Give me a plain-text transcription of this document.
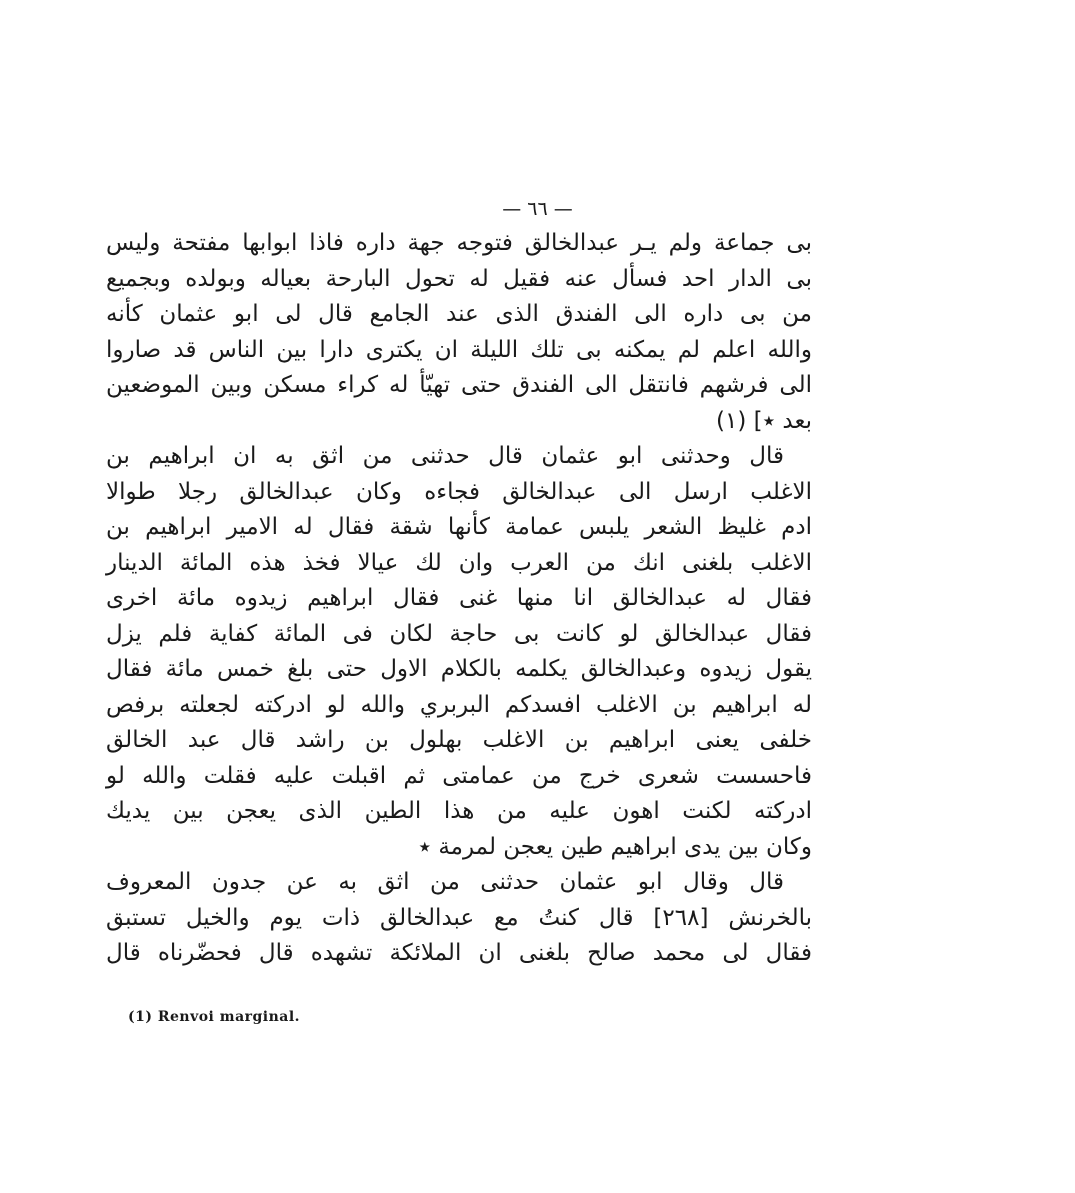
— ٦٦ —
بى جماعة ولم يـر عبدالخالق فتوجه جهة داره فاذا ابوابها مفتحة وليس
بى الدار احد فسأل عنه فقيل له تحول البارحة بعياله وبولده وبجميع
من بى داره الى الفندق الذى عند الجامع قال لى ابو عثمان كأنه
والله اعلم لم يمكنه بى تلك الليلة ان يكترى دارا بين الناس قد صاروا
الى فرشهم فانتقل الى الفندق حتى تهيّأ له كراء مسكن وبين الموضعين
بعد ٭] (١)
قال وحدثنى ابو عثمان قال حدثنى من اثق به ان ابراهيم بن
الاغلب ارسل الى عبدالخالق فجاءه وكان عبدالخالق رجلا طوالا
ادم غليظ الشعر يلبس عمامة كأنها شقة فقال له الامير ابراهيم بن
الاغلب بلغنى انك من العرب وان لك عيالا فخذ هذه المائة الدينار
فقال له عبدالخالق انا منها غنى فقال ابراهيم زيدوه مائة اخرى
فقال عبدالخالق لو كانت بى حاجة لكان فى المائة كفاية فلم يزل
يقول زيدوه وعبدالخالق يكلمه بالكلام الاول حتى بلغ خمس مائة فقال
له ابراهيم بن الاغلب افسدكم البربري والله لو ادركته لجعلته برفص
خلفى يعنى ابراهيم بن الاغلب بهلول بن راشد قال عبد الخالق
فاحسست شعرى خرج من عمامتى ثم اقبلت عليه فقلت والله لو
ادركته لكنت اهون عليه من هذا الطين الذى يعجن بين يديك
وكان بين يدى ابراهيم طين يعجن لمرمة ٭
قال وقال ابو عثمان حدثنى من اثق به عن جدون المعروف
بالخرنش [٢٦٨] قال كنتُ مع عبدالخالق ذات يوم والخيل تستبق
فقال لى محمد صالح بلغنى ان الملائكة تشهده قال فحضّرناه قال
(1) Renvoi marginal.
